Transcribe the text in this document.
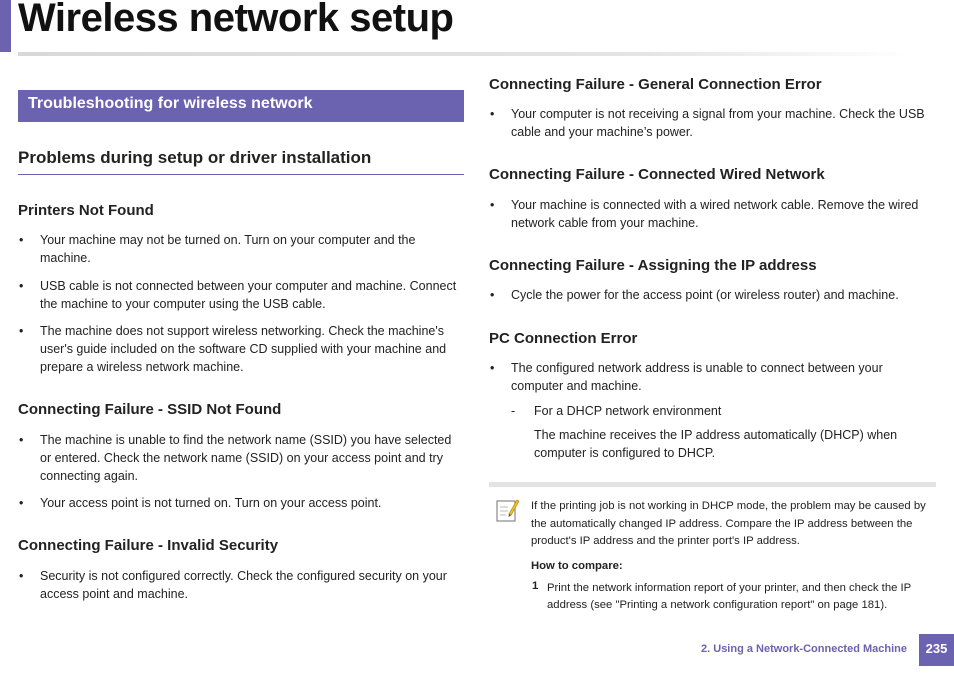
Wireless network setup
Troubleshooting for wireless network
Problems during setup or driver installation
Printers Not Found
• Your machine may not be turned on. Turn on your computer and the machine.
• USB cable is not connected between your computer and machine. Connect the machine to your computer using the USB cable.
• The machine does not support wireless networking. Check the machine's user's guide included on the software CD supplied with your machine and prepare a wireless network machine.
Connecting Failure - SSID Not Found
• The machine is unable to find the network name (SSID) you have selected or entered. Check the network name (SSID) on your access point and try connecting again.
• Your access point is not turned on. Turn on your access point.
Connecting Failure - Invalid Security
• Security is not configured correctly. Check the configured security on your access point and machine.
Connecting Failure - General Connection Error
• Your computer is not receiving a signal from your machine. Check the USB cable and your machine’s power.
Connecting Failure - Connected Wired Network
• Your machine is connected with a wired network cable. Remove the wired network cable from your machine.
Connecting Failure - Assigning the IP address
• Cycle the power for the access point (or wireless router) and machine.
PC Connection Error
• The configured network address is unable to connect between your computer and machine.
- For a DHCP network environment
The machine receives the IP address automatically (DHCP) when computer is configured to DHCP.
If the printing job is not working in DHCP mode, the problem may be caused by the automatically changed IP address. Compare the IP address between the product's IP address and the printer port's IP address.
How to compare:
1 Print the network information report of your printer, and then check the IP address (see "Printing a network configuration report" on page 181).
2. Using a Network-Connected Machine	235
